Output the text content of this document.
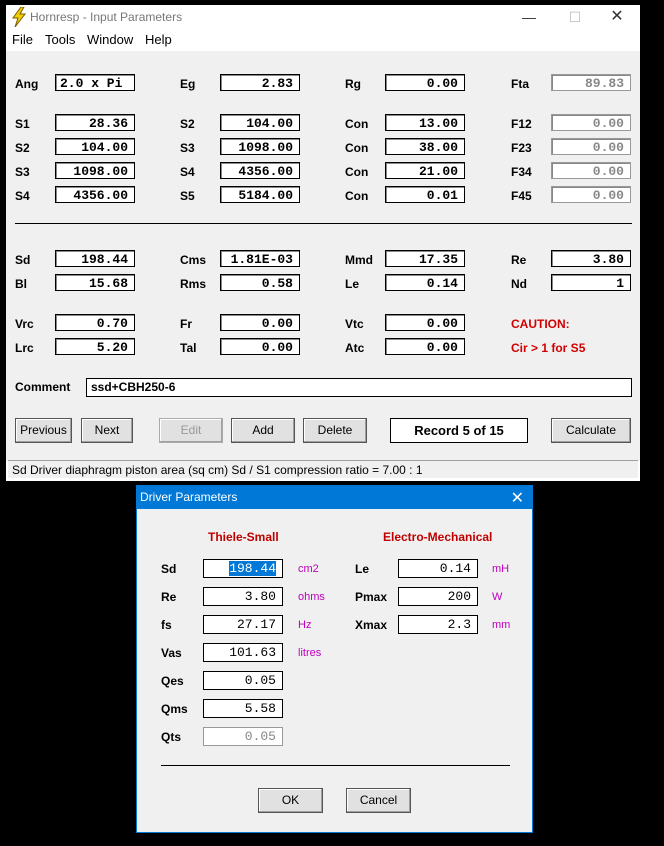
Hornresp - Input Parameters	—	☐	✕
File Tools Window Help
Ang	2.0 x Pi	Eg	2.83	Rg	0.00	Fta	89.83
S1	28.36	S2	104.00	Con	13.00	F12	0.00
S2	104.00	S3	1098.00	Con	38.00	F23	0.00
S3	1098.00	S4	4356.00	Con	21.00	F34	0.00
S4	4356.00	S5	5184.00	Con	0.01	F45	0.00
Sd	198.44	Cms	1.81E-03	Mmd	17.35	Re	3.80
Bl	15.68	Rms	0.58	Le	0.14	Nd	1
Vrc	0.70	Fr	0.00	Vtc	0.00	CAUTION:
Lrc	5.20	Tal	0.00	Atc	0.00	Cir > 1 for S5
Comment	ssd+CBH250-6
Previous	Next	Edit	Add	Delete	Record 5 of 15	Calculate
Sd Driver diaphragm piston area (sq cm) Sd / S1 compression ratio = 7.00 : 1
Driver Parameters	✕
Thiele-Small	Electro-Mechanical
Sd	198.44	cm2
Re	3.80	ohms
fs	27.17	Hz
Vas	101.63	litres
Qes	0.05
Qms	5.58
Qts	0.05
Le	0.14	mH
Pmax	200	W
Xmax	2.3	mm
OK	Cancel
